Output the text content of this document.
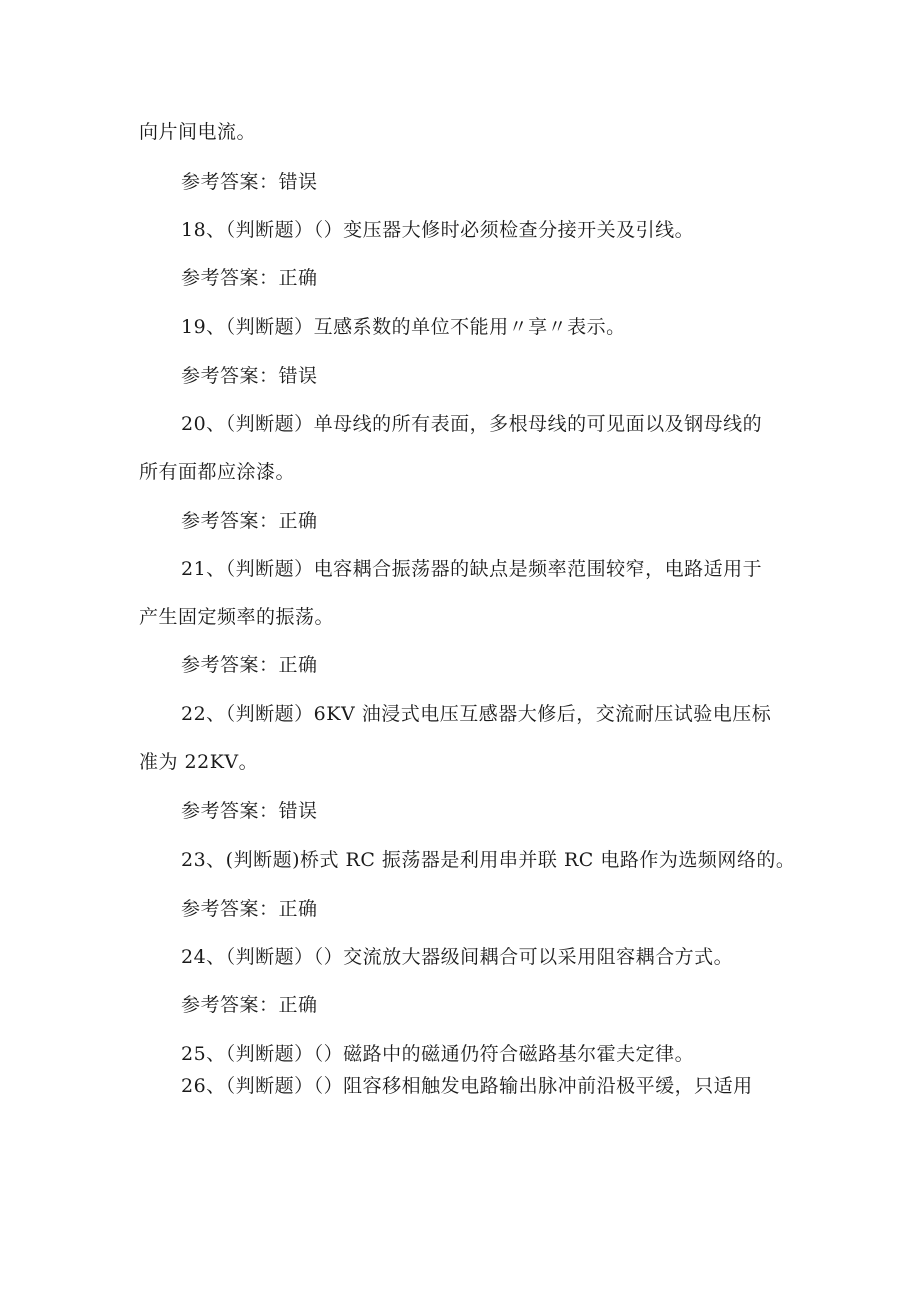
向片间电流。
参考答案：错误
18、（判断题）（）变压器大修时必须检查分接开关及引线。
参考答案：正确
19、（判断题）互感系数的单位不能用〃享〃表示。
参考答案：错误
20、（判断题）单母线的所有表面，多根母线的可见面以及钢母线的
所有面都应涂漆。
参考答案：正确
21、（判断题）电容耦合振荡器的缺点是频率范围较窄，电路适用于
产生固定频率的振荡。
参考答案：正确
22、（判断题）6KV 油浸式电压互感器大修后，交流耐压试验电压标
准为 22KV。
参考答案：错误
23、(判断题)桥式 RC 振荡器是利用串并联 RC 电路作为选频网络的。
参考答案：正确
24、（判断题）（）交流放大器级间耦合可以采用阻容耦合方式。
参考答案：正确
25、（判断题）（）磁路中的磁通仍符合磁路基尔霍夫定律。
26、（判断题）（）阻容移相触发电路输出脉冲前沿极平缓，只适用
